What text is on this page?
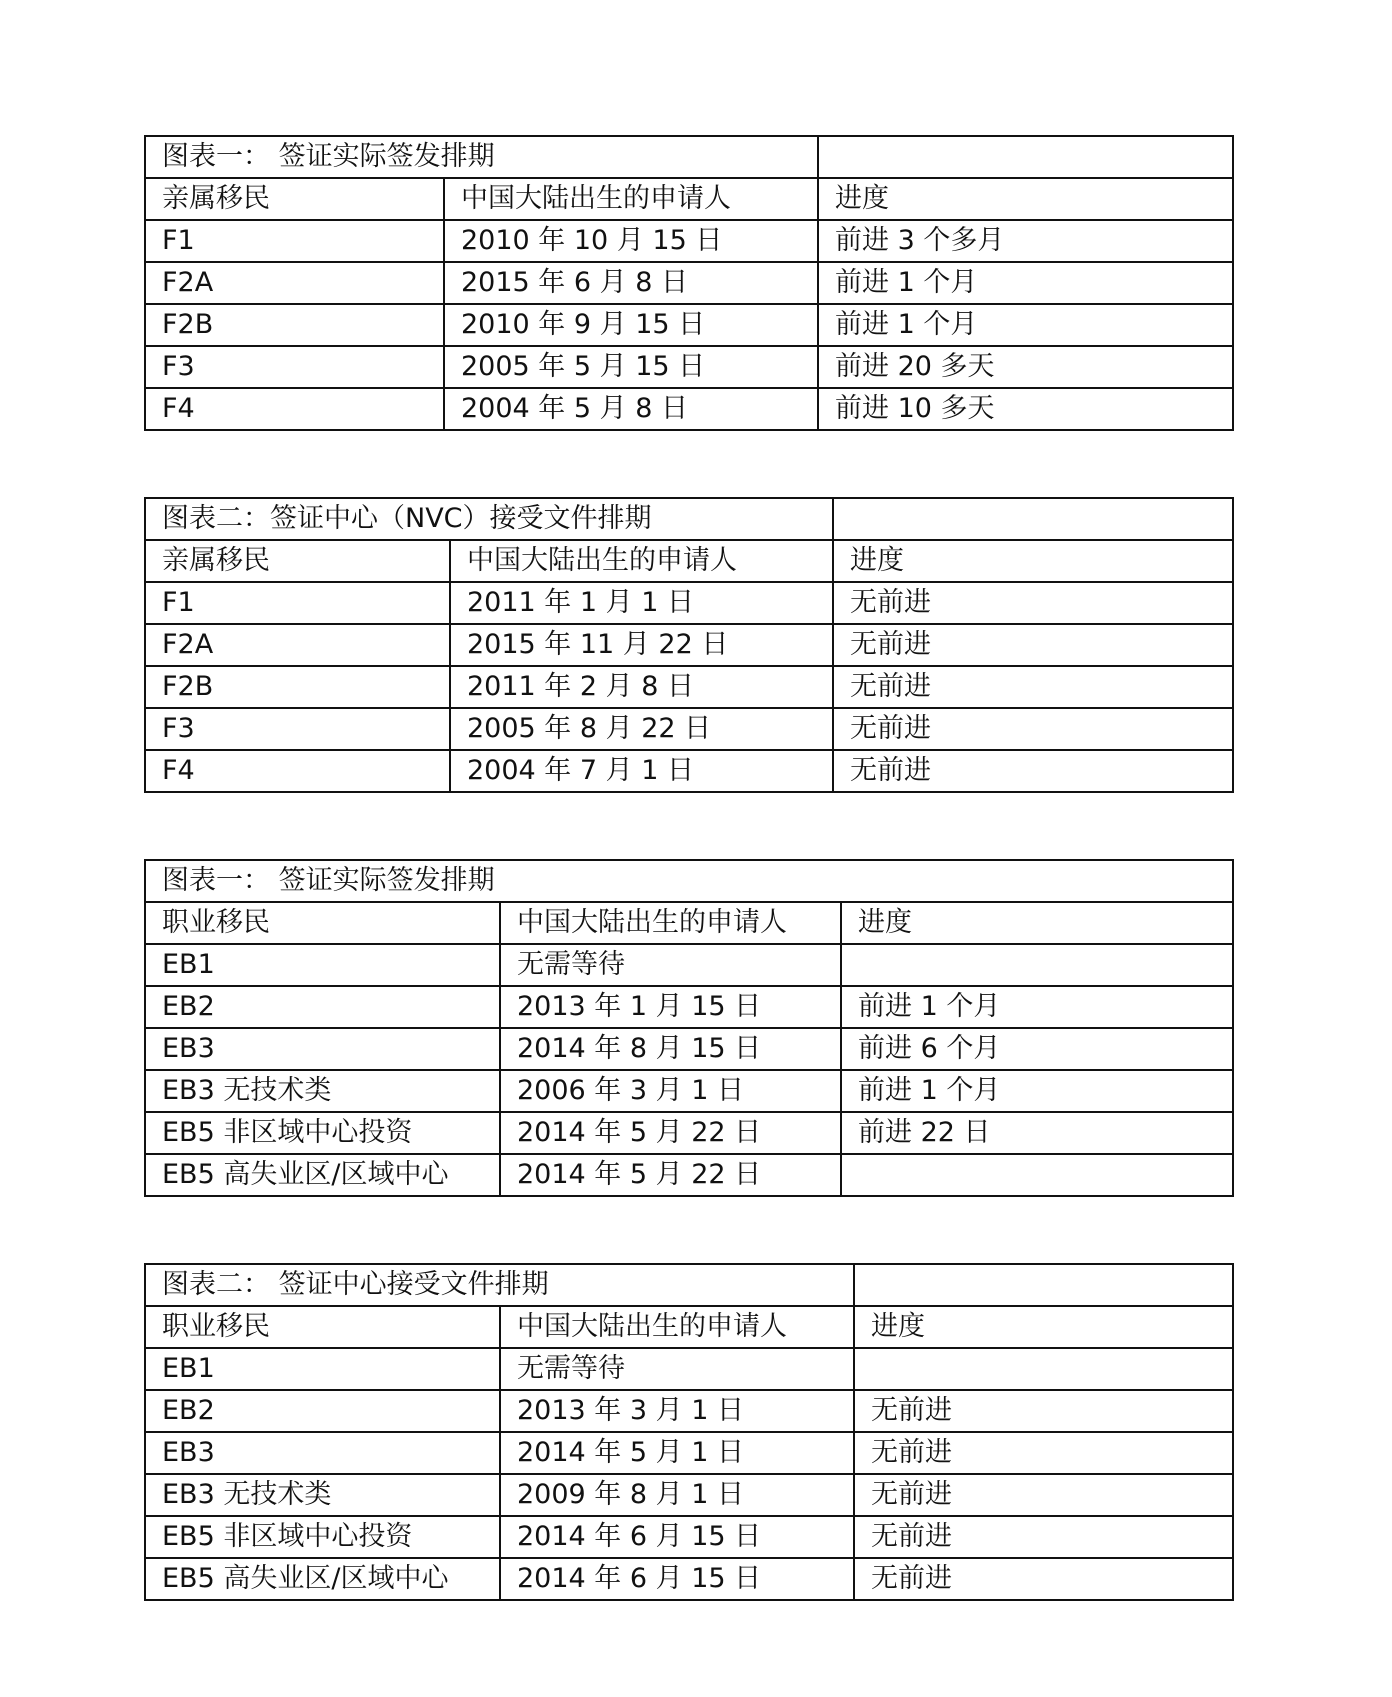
图表一： 签证实际签发排期		
亲属移民	中国大陆出生的申请人	进度
F1	2010 年 10 月 15 日	前进 3 个多月
F2A	2015 年 6 月 8 日	前进 1 个月
F2B	2010 年 9 月 15 日	前进 1 个月
F3	2005 年 5 月 15 日	前进 20 多天
F4	2004 年 5 月 8 日	前进 10 多天
图表二：签证中心（NVC）接受文件排期		
亲属移民	中国大陆出生的申请人	进度
F1	2011 年 1 月 1 日	无前进
F2A	2015 年 11 月 22 日	无前进
F2B	2011 年 2 月 8 日	无前进
F3	2005 年 8 月 22 日	无前进
F4	2004 年 7 月 1 日	无前进
图表一： 签证实际签发排期		
职业移民	中国大陆出生的申请人	进度
EB1	无需等待	
EB2	2013 年 1 月 15 日	前进 1 个月
EB3	2014 年 8 月 15 日	前进 6 个月
EB3 无技术类	2006 年 3 月 1 日	前进 1 个月
EB5 非区域中心投资	2014 年 5 月 22 日	前进 22 日
EB5 高失业区/区域中心	2014 年 5 月 22 日	
图表二： 签证中心接受文件排期		
职业移民	中国大陆出生的申请人	进度
EB1	无需等待	
EB2	2013 年 3 月 1 日	无前进
EB3	2014 年 5 月 1 日	无前进
EB3 无技术类	2009 年 8 月 1 日	无前进
EB5 非区域中心投资	2014 年 6 月 15 日	无前进
EB5 高失业区/区域中心	2014 年 6 月 15 日	无前进
